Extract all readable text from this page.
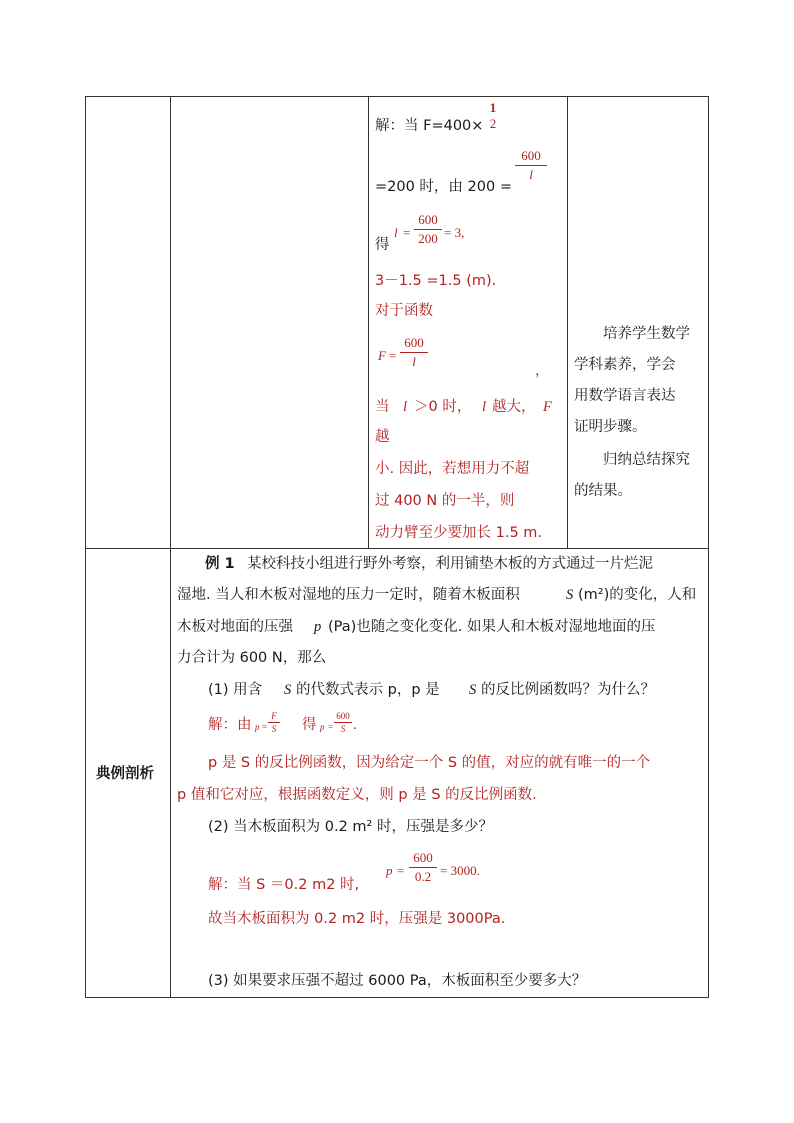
解：当 F=400×
1
2
=200 时，由 200 =
600
l
得
l =
600
200 = 3,
3－1.5 =1.5 (m).
对于函数
F =
600
l
，
当 l ＞0 时， l 越大， F
越
小. 因此，若想用力不超
过 400 N 的一半，则
动力臂至少要加长 1.5 m.
培养学生数学
学科素养，学会
用数学语言表达
证明步骤。
归纳总结探究
的结果。
典例剖析
例 1 某校科技小组进行野外考察，利用铺垫木板的方式通过一片烂泥
湿地. 当人和木板对湿地的压力一定时，随着木板面积	S (m²)的变化，人和
木板对地面的压强 p (Pa)也随之变化变化. 如果人和木板对湿地地面的压
力合计为 600 N，那么
(1) 用含 S 的代数式表示 p，p 是 S 的反比例函数吗？为什么？
解：由 p =
F
S 得 p =
600
S .
p 是 S 的反比例函数，因为给定一个 S 的值，对应的就有唯一的一个
p 值和它对应，根据函数定义，则 p 是 S 的反比例函数.
(2) 当木板面积为 0.2 m² 时，压强是多少？
p =
600
0.2 = 3000.
解：当 S ＝0.2 m2 时,
故当木板面积为 0.2 m2 时，压强是 3000Pa.
(3) 如果要求压强不超过 6000 Pa，木板面积至少要多大？
